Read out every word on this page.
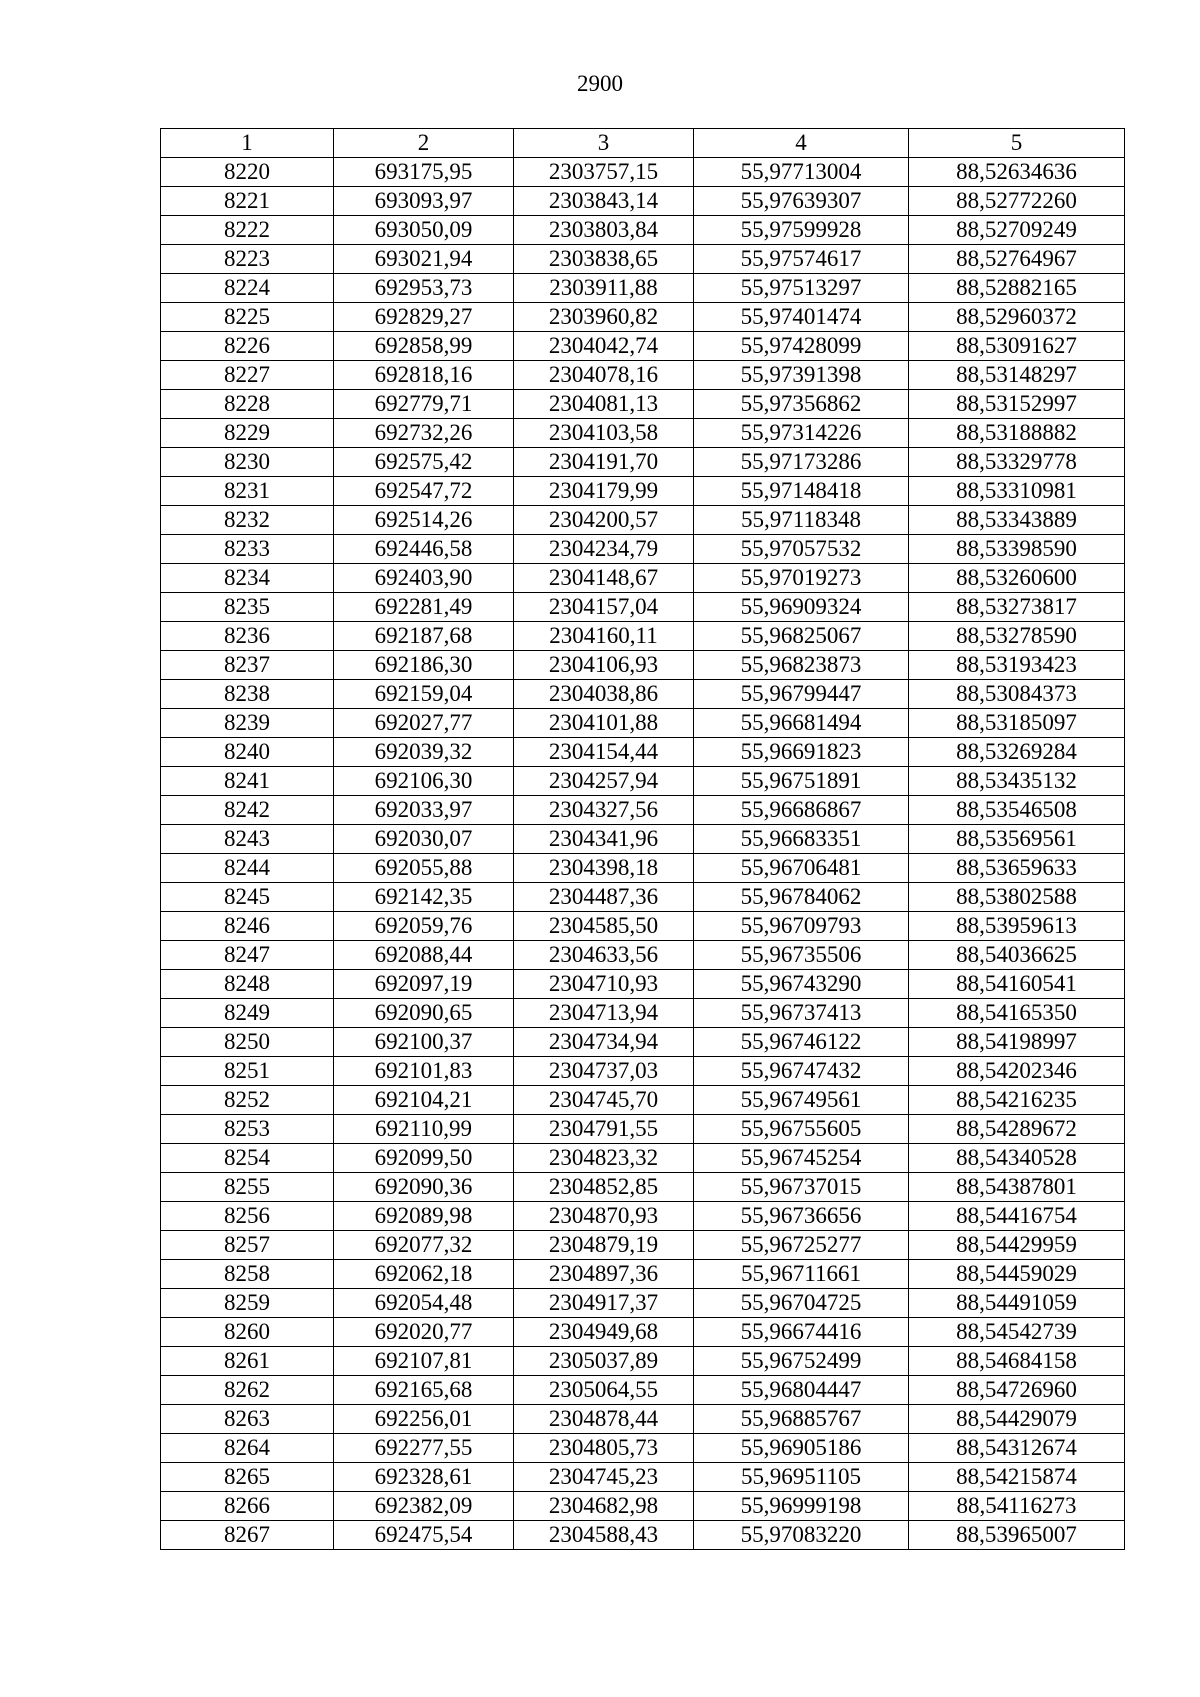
2900
1	2	3	4	5
8220	693175,95	2303757,15	55,97713004	88,52634636
8221	693093,97	2303843,14	55,97639307	88,52772260
8222	693050,09	2303803,84	55,97599928	88,52709249
8223	693021,94	2303838,65	55,97574617	88,52764967
8224	692953,73	2303911,88	55,97513297	88,52882165
8225	692829,27	2303960,82	55,97401474	88,52960372
8226	692858,99	2304042,74	55,97428099	88,53091627
8227	692818,16	2304078,16	55,97391398	88,53148297
8228	692779,71	2304081,13	55,97356862	88,53152997
8229	692732,26	2304103,58	55,97314226	88,53188882
8230	692575,42	2304191,70	55,97173286	88,53329778
8231	692547,72	2304179,99	55,97148418	88,53310981
8232	692514,26	2304200,57	55,97118348	88,53343889
8233	692446,58	2304234,79	55,97057532	88,53398590
8234	692403,90	2304148,67	55,97019273	88,53260600
8235	692281,49	2304157,04	55,96909324	88,53273817
8236	692187,68	2304160,11	55,96825067	88,53278590
8237	692186,30	2304106,93	55,96823873	88,53193423
8238	692159,04	2304038,86	55,96799447	88,53084373
8239	692027,77	2304101,88	55,96681494	88,53185097
8240	692039,32	2304154,44	55,96691823	88,53269284
8241	692106,30	2304257,94	55,96751891	88,53435132
8242	692033,97	2304327,56	55,96686867	88,53546508
8243	692030,07	2304341,96	55,96683351	88,53569561
8244	692055,88	2304398,18	55,96706481	88,53659633
8245	692142,35	2304487,36	55,96784062	88,53802588
8246	692059,76	2304585,50	55,96709793	88,53959613
8247	692088,44	2304633,56	55,96735506	88,54036625
8248	692097,19	2304710,93	55,96743290	88,54160541
8249	692090,65	2304713,94	55,96737413	88,54165350
8250	692100,37	2304734,94	55,96746122	88,54198997
8251	692101,83	2304737,03	55,96747432	88,54202346
8252	692104,21	2304745,70	55,96749561	88,54216235
8253	692110,99	2304791,55	55,96755605	88,54289672
8254	692099,50	2304823,32	55,96745254	88,54340528
8255	692090,36	2304852,85	55,96737015	88,54387801
8256	692089,98	2304870,93	55,96736656	88,54416754
8257	692077,32	2304879,19	55,96725277	88,54429959
8258	692062,18	2304897,36	55,96711661	88,54459029
8259	692054,48	2304917,37	55,96704725	88,54491059
8260	692020,77	2304949,68	55,96674416	88,54542739
8261	692107,81	2305037,89	55,96752499	88,54684158
8262	692165,68	2305064,55	55,96804447	88,54726960
8263	692256,01	2304878,44	55,96885767	88,54429079
8264	692277,55	2304805,73	55,96905186	88,54312674
8265	692328,61	2304745,23	55,96951105	88,54215874
8266	692382,09	2304682,98	55,96999198	88,54116273
8267	692475,54	2304588,43	55,97083220	88,53965007
